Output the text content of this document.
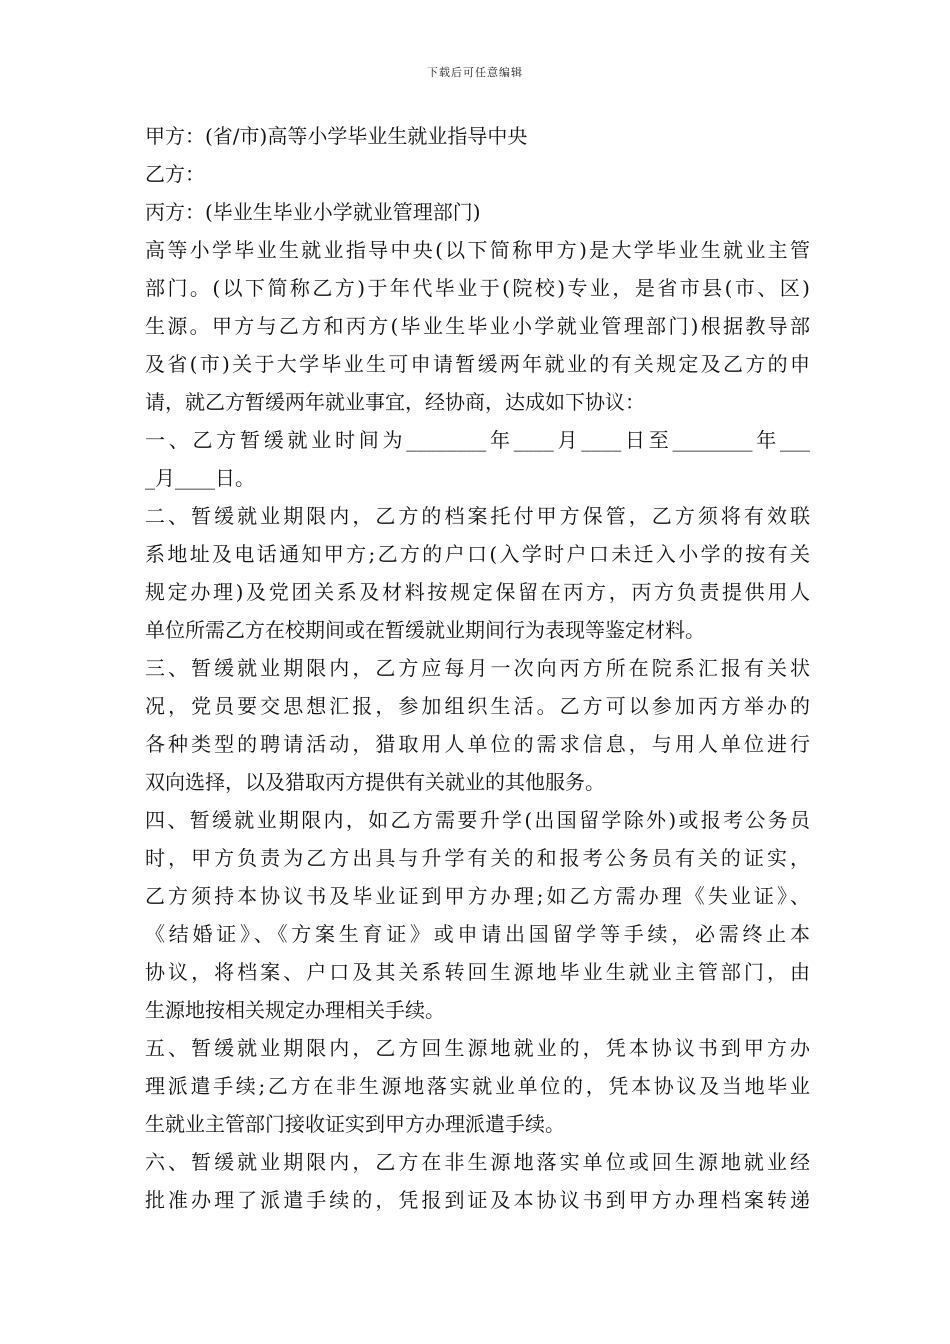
下载后可任意编辑
甲方：(省/市)高等小学毕业生就业指导中央
乙方：
丙方：(毕业生毕业小学就业管理部门)
高等小学毕业生就业指导中央(以下简称甲方)是大学毕业生就业主管
部门。(以下简称乙方)于年代毕业于(院校)专业，是省市县(市、区)
生源。甲方与乙方和丙方(毕业生毕业小学就业管理部门)根据教导部
及省(市)关于大学毕业生可申请暂缓两年就业的有关规定及乙方的申
请，就乙方暂缓两年就业事宜，经协商，达成如下协议：
一、乙方暂缓就业时间为________年____月____日至________年___
_月____日。
二、暂缓就业期限内，乙方的档案托付甲方保管，乙方须将有效联
系地址及电话通知甲方;乙方的户口(入学时户口未迁入小学的按有关
规定办理)及党团关系及材料按规定保留在丙方，丙方负责提供用人
单位所需乙方在校期间或在暂缓就业期间行为表现等鉴定材料。
三、暂缓就业期限内，乙方应每月一次向丙方所在院系汇报有关状
况，党员要交思想汇报，参加组织生活。乙方可以参加丙方举办的
各种类型的聘请活动，猎取用人单位的需求信息，与用人单位进行
双向选择，以及猎取丙方提供有关就业的其他服务。
四、暂缓就业期限内，如乙方需要升学(出国留学除外)或报考公务员
时，甲方负责为乙方出具与升学有关的和报考公务员有关的证实，
乙方须持本协议书及毕业证到甲方办理;如乙方需办理《失业证》、
《结婚证》、《方案生育证》或申请出国留学等手续，必需终止本
协议，将档案、户口及其关系转回生源地毕业生就业主管部门，由
生源地按相关规定办理相关手续。
五、暂缓就业期限内，乙方回生源地就业的，凭本协议书到甲方办
理派遣手续;乙方在非生源地落实就业单位的，凭本协议及当地毕业
生就业主管部门接收证实到甲方办理派遣手续。
六、暂缓就业期限内，乙方在非生源地落实单位或回生源地就业经
批准办理了派遣手续的，凭报到证及本协议书到甲方办理档案转递
